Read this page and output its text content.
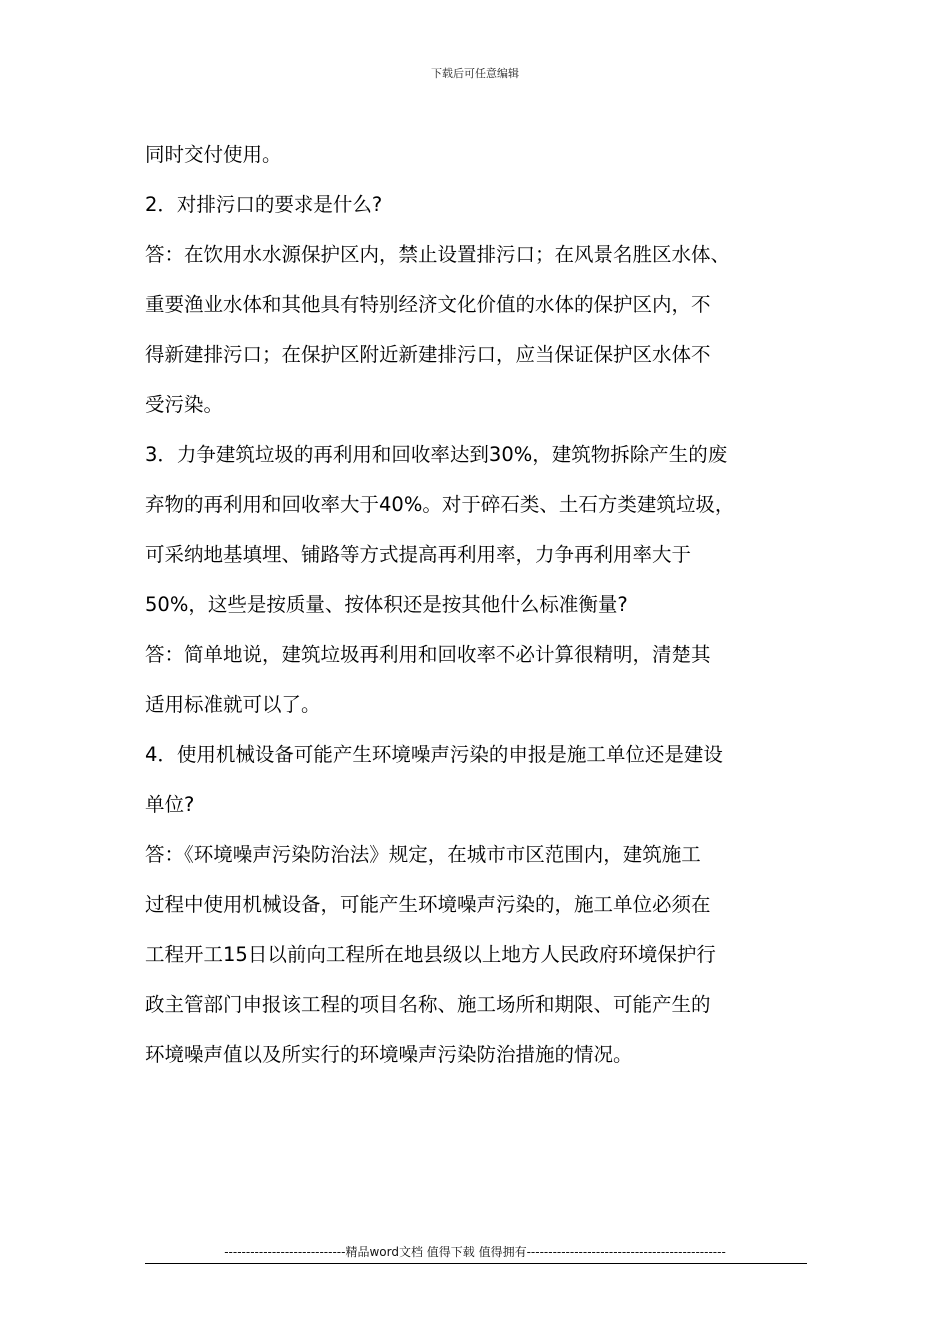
下载后可任意编辑
同时交付使用。
2．对排污口的要求是什么?
答：在饮用水水源保护区内，禁止设置排污口；在风景名胜区水体、
重要渔业水体和其他具有特别经济文化价值的水体的保护区内，不
得新建排污口；在保护区附近新建排污口，应当保证保护区水体不
受污染。
3．力争建筑垃圾的再利用和回收率达到30%，建筑物拆除产生的废
弃物的再利用和回收率大于40%。对于碎石类、土石方类建筑垃圾，
可采纳地基填埋、铺路等方式提高再利用率，力争再利用率大于
50%，这些是按质量、按体积还是按其他什么标准衡量?
答：简单地说，建筑垃圾再利用和回收率不必计算很精明，清楚其
适用标准就可以了。
4．使用机械设备可能产生环境噪声污染的申报是施工单位还是建设
单位?
答：《环境噪声污染防治法》规定，在城市市区范围内，建筑施工
过程中使用机械设备，可能产生环境噪声污染的，施工单位必须在
工程开工15日以前向工程所在地县级以上地方人民政府环境保护行
政主管部门申报该工程的项目名称、施工场所和期限、可能产生的
环境噪声值以及所实行的环境噪声污染防治措施的情况。
----------------------------精品word文档 值得下载 值得拥有----------------------------------------------
